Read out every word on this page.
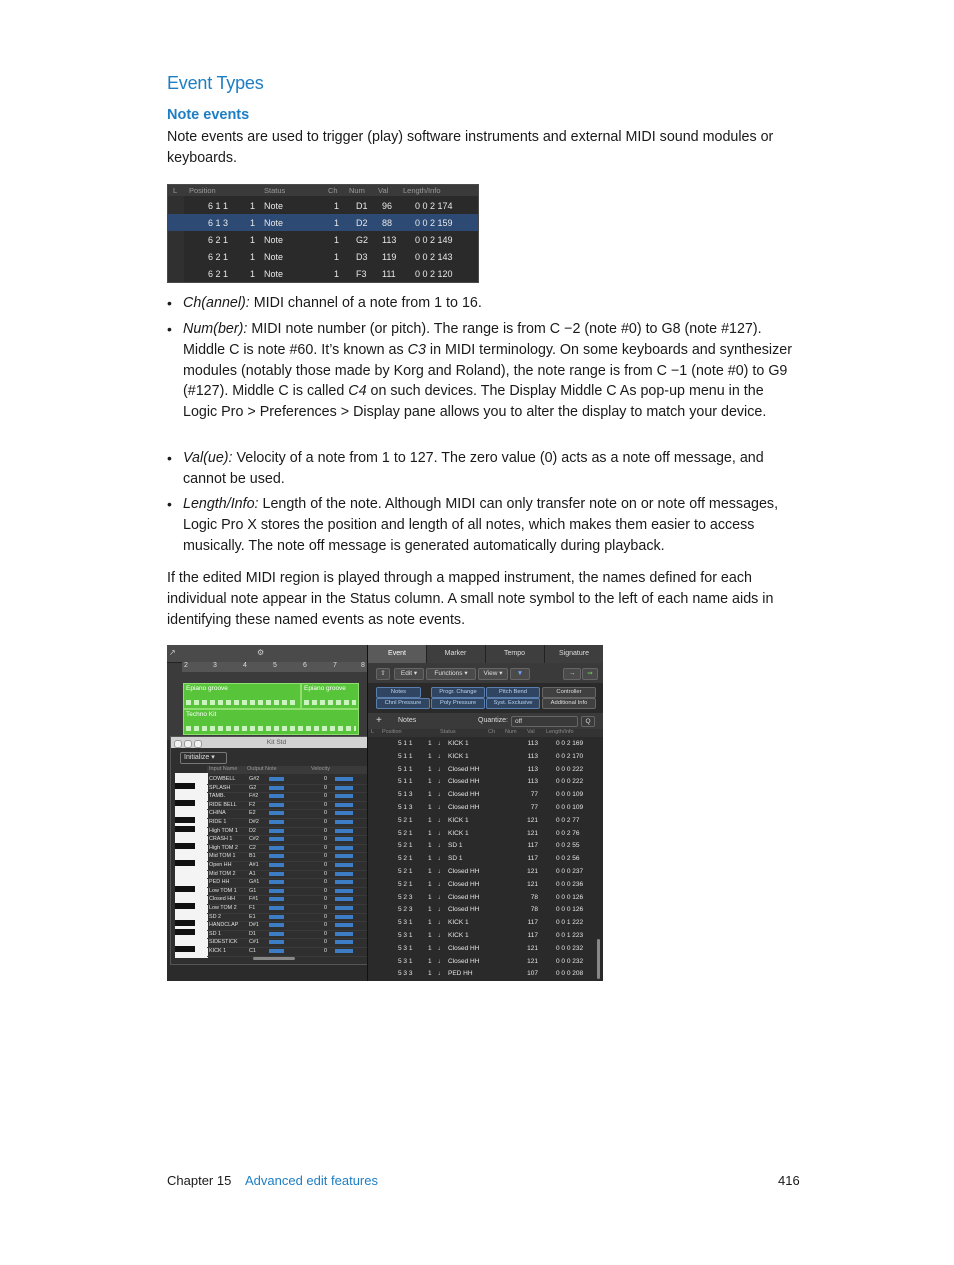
Event Types
Note events
Note events are used to trigger (play) software instruments and external MIDI sound modules or keyboards.
L Position	Status	Ch Num Val Length/Info
6 1 1 1 Note	1 D1 96	0 0 2 174
6 1 3 1 Note	1 D2 88	0 0 2 159
6 2 1 1 Note	1 G2 113 0 0 2 149
6 2 1 1 Note	1 D3 119 0 0 2 143
6 2 1 1 Note	1 F3 111 0 0 2 120
• Ch(annel): MIDI channel of a note from 1 to 16.
• Num(ber): MIDI note number (or pitch). The range is from C −2 (note #0) to G8 (note #127). Middle C is note #60. It’s known as C3 in MIDI terminology. On some keyboards and synthesizer modules (notably those made by Korg and Roland), the note range is from C −1 (note #0) to G9 (#127). Middle C is called C4 on such devices. The Display Middle C As pop-up menu in the Logic Pro > Preferences > Display pane allows you to alter the display to match your device.
• Val(ue): Velocity of a note from 1 to 127. The zero value (0) acts as a note off message, and cannot be used.
• Length/Info: Length of the note. Although MIDI can only transfer note on or note off messages, Logic Pro X stores the position and length of all notes, which makes them easier to access musically. The note off message is generated automatically during playback.
If the edited MIDI region is played through a mapped instrument, the names defined for each individual note appear in the Status column. A small note symbol to the left of each name aids in identifying these named events as note events.
↗	⚙
2	3	4	5	6	7	8
Epiano groove	Epiano groove
Techno Kit
Kit Std
Initialize ▾
Input Name Output Note	Velocity
COWBELL	G#2	0
SPLASH	G2	0
TAMB.	F#2	0
RIDE BELL F2	0
CHINA	E2	0
RIDE 1	D#2	0
High TOM 1 D2	0
CRASH 1	C#2	0
High TOM 2 C2	0
Mid TOM 1	B1	0
Open HH	A#1	0
Mid TOM 2	A1	0
PED HH	G#1	0
Low TOM 1 G1	0
Closed HH	F#1	0
Low TOM 2 F1	0
SD 2	E1	0
HANDCLAP D#1	0
SD 1	D1	0
SIDESTICK C#1	0
KICK 1	C1	0
Event	Marker	Tempo	Signature
⇧	Edit ▾	Functions ▾	View ▾	▼	→	⇒
Notes	Progr. Change	Pitch Bend	Controller
Chnl Pressure	Poly Pressure	Syst. Exclusive	Additional Info
+ Notes	Quantize:	off	Q
L Position	Status	Ch Num Val Length/Info
5 1 1 1 ♩ KICK 1	113	0 0 2 169
5 1 1 1 ♩ KICK 1	113	0 0 2 170
5 1 1 1 ♩ Closed HH	113	0 0 0 222
5 1 1 1 ♩ Closed HH	113	0 0 0 222
5 1 3 1 ♩ Closed HH	77	0 0 0 109
5 1 3 1 ♩ Closed HH	77	0 0 0 109
5 2 1 1 ♩ KICK 1	121	0 0 2 77
5 2 1 1 ♩ KICK 1	121	0 0 2 76
5 2 1 1 ♩ SD 1	117	0 0 2 55
5 2 1 1 ♩ SD 1	117	0 0 2 56
5 2 1 1 ♩ Closed HH	121	0 0 0 237
5 2 1 1 ♩ Closed HH	121	0 0 0 236
5 2 3 1 ♩ Closed HH	78	0 0 0 126
5 2 3 1 ♩ Closed HH	78	0 0 0 126
5 3 1 1 ♩ KICK 1	117	0 0 1 222
5 3 1 1 ♩ KICK 1	117	0 0 1 223
5 3 1 1 ♩ Closed HH	121	0 0 0 232
5 3 1 1 ♩ Closed HH	121	0 0 0 232
5 3 3 1 ♩ PED HH	107	0 0 0 208
Chapter 15 Advanced edit features	416
